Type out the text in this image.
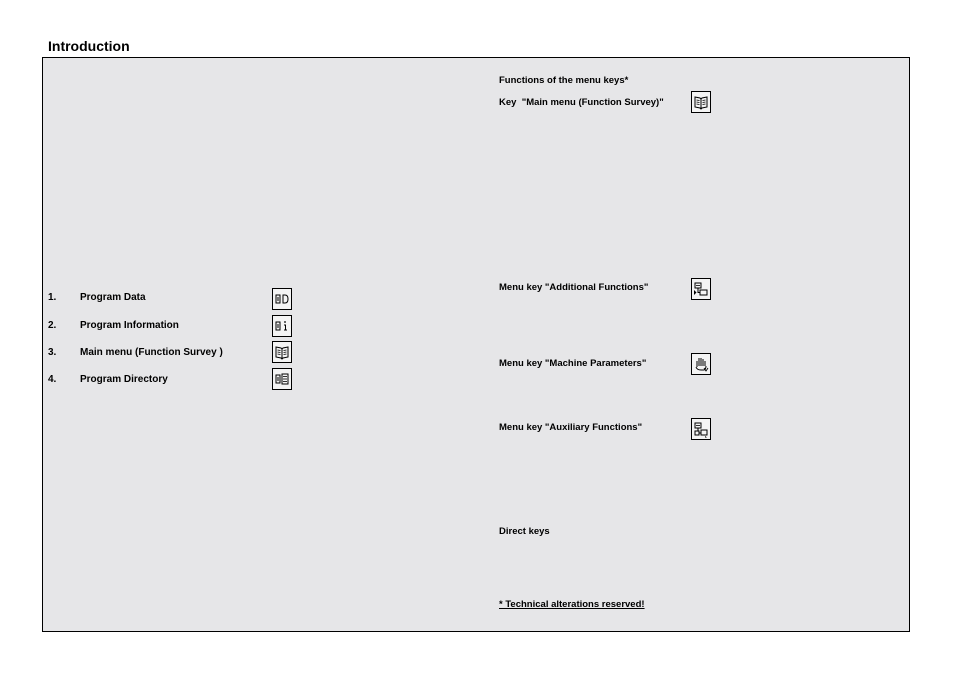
Introduction
1. Program Data
2. Program Information
3. Main menu (Function Survey )
4. Program Directory
Functions of the menu keys*
Key  "Main menu (Function Survey)"
Menu key "Additional Functions"
Menu key "Machine Parameters"
Menu key "Auxiliary Functions"
Direct keys
* Technical alterations reserved!
